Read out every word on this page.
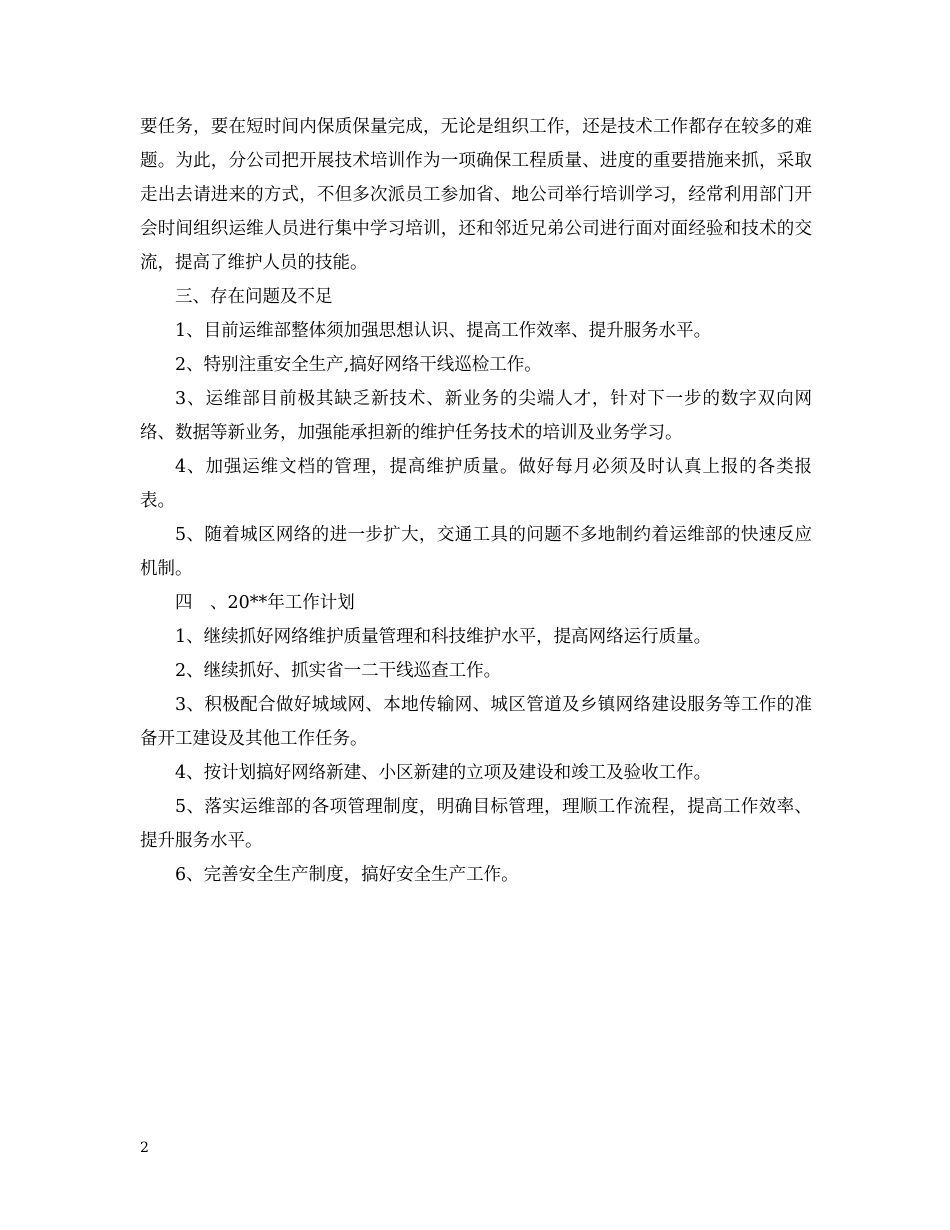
要任务，要在短时间内保质保量完成，无论是组织工作，还是技术工作都存在较多的难题。为此，分公司把开展技术培训作为一项确保工程质量、进度的重要措施来抓，采取走出去请进来的方式，不但多次派员工参加省、地公司举行培训学习，经常利用部门开会时间组织运维人员进行集中学习培训，还和邻近兄弟公司进行面对面经验和技术的交流，提高了维护人员的技能。

三、存在问题及不足

1、目前运维部整体须加强思想认识、提高工作效率、提升服务水平。

2、特别注重安全生产,搞好网络干线巡检工作。

3、运维部目前极其缺乏新技术、新业务的尖端人才，针对下一步的数字双向网络、数据等新业务，加强能承担新的维护任务技术的培训及业务学习。

4、加强运维文档的管理，提高维护质量。做好每月必须及时认真上报的各类报表。

5、随着城区网络的进一步扩大，交通工具的问题不多地制约着运维部的快速反应机制。

四　、20**年工作计划

1、继续抓好网络维护质量管理和科技维护水平，提高网络运行质量。

2、继续抓好、抓实省一二干线巡查工作。

3、积极配合做好城域网、本地传输网、城区管道及乡镇网络建设服务等工作的准备开工建设及其他工作任务。

4、按计划搞好网络新建、小区新建的立项及建设和竣工及验收工作。

5、落实运维部的各项管理制度，明确目标管理，理顺工作流程，提高工作效率、提升服务水平。

6、完善安全生产制度，搞好安全生产工作。

2
